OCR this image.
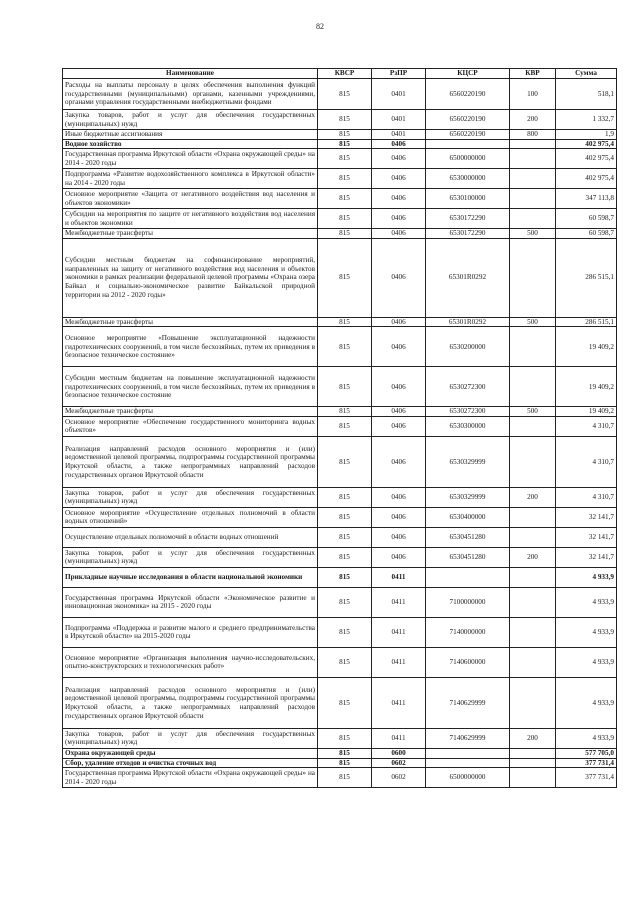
82
Наименование	КВСР	РзПР	КЦСР	КВР	Сумма
Расходы на выплаты персоналу в целях обеспечения выполнения функций государственными (муниципальными) органами, казенными учреждениями, органами управления государственными внебюджетными фондами	815	0401	6560220190	100	518,1
Закупка товаров, работ и услуг для обеспечения государственных (муниципальных) нужд	815	0401	6560220190	200	1 332,7
Иные бюджетные ассигнования	815	0401	6560220190	800	1,9
Водное хозяйство	815	0406			402 975,4
Государственная программа Иркутской области «Охрана окружающей среды» на 2014 - 2020 годы	815	0406	6500000000		402 975,4
Подпрограмма «Развитие водохозяйственного комплекса в Иркутской области» на 2014 - 2020 годы	815	0406	6530000000		402 975,4
Основное мероприятие «Защита от негативного воздействия вод населения и объектов экономики»	815	0406	6530100000		347 113,8
Субсидии на мероприятия по защите от негативного воздействия вод населения и объектов экономики	815	0406	6530172290		60 598,7
Межбюджетные трансферты	815	0406	6530172290	500	60 598,7
Субсидии местным бюджетам на софинансирование мероприятий, направленных на защиту от негативного воздействия вод населения и объектов экономики в рамках реализации федеральной целевой программы «Охрана озера Байкал и социально-экономическое развитие Байкальской природной территории на 2012 - 2020 годы»	815	0406	65301R0292		286 515,1
Межбюджетные трансферты	815	0406	65301R0292	500	286 515,1
Основное мероприятие «Повышение эксплуатационной надежности гидротехнических сооружений, в том числе бесхозяйных, путем их приведения в безопасное техническое состояние»	815	0406	6530200000		19 409,2
Субсидии местным бюджетам на повышение эксплуатационной надежности гидротехнических сооружений, в том числе бесхозяйных, путем их приведения в безопасное техническое состояние	815	0406	6530272300		19 409,2
Межбюджетные трансферты	815	0406	6530272300	500	19 409,2
Основное мероприятие «Обеспечение государственного мониторинга водных объектов»	815	0406	6530300000		4 310,7
Реализация направлений расходов основного мероприятия и (или) ведомственной целевой программы, подпрограммы государственной программы Иркутской области, а также непрограммных направлений расходов государственных органов Иркутской области	815	0406	6530329999		4 310,7
Закупка товаров, работ и услуг для обеспечения государственных (муниципальных) нужд	815	0406	6530329999	200	4 310,7
Основное мероприятие «Осуществление отдельных полномочий в области водных отношений»	815	0406	6530400000		32 141,7
Осуществление отдельных полномочий в области водных отношений	815	0406	6530451280		32 141,7
Закупка товаров, работ и услуг для обеспечения государственных (муниципальных) нужд	815	0406	6530451280	200	32 141,7
Прикладные научные исследования в области национальной экономики	815	0411			4 933,9
Государственная программа Иркутской области «Экономическое развитие и инновационная экономика» на 2015 - 2020 годы	815	0411	7100000000		4 933,9
Подпрограмма «Поддержка и развитие малого и среднего предпринимательства в Иркутской области» на 2015-2020 годы	815	0411	7140000000		4 933,9
Основное мероприятие «Организация выполнения научно-исследовательских, опытно-конструкторских и технологических работ»	815	0411	7140600000		4 933,9
Реализация направлений расходов основного мероприятия и (или) ведомственной целевой программы, подпрограммы государственной программы Иркутской области, а также непрограммных направлений расходов государственных органов Иркутской области	815	0411	7140629999		4 933,9
Закупка товаров, работ и услуг для обеспечения государственных (муниципальных) нужд	815	0411	7140629999	200	4 933,9
Охрана окружающей среды	815	0600			577 705,0
Сбор, удаление отходов и очистка сточных вод	815	0602			377 731,4
Государственная программа Иркутской области «Охрана окружающей среды» на 2014 - 2020 годы	815	0602	6500000000		377 731,4
